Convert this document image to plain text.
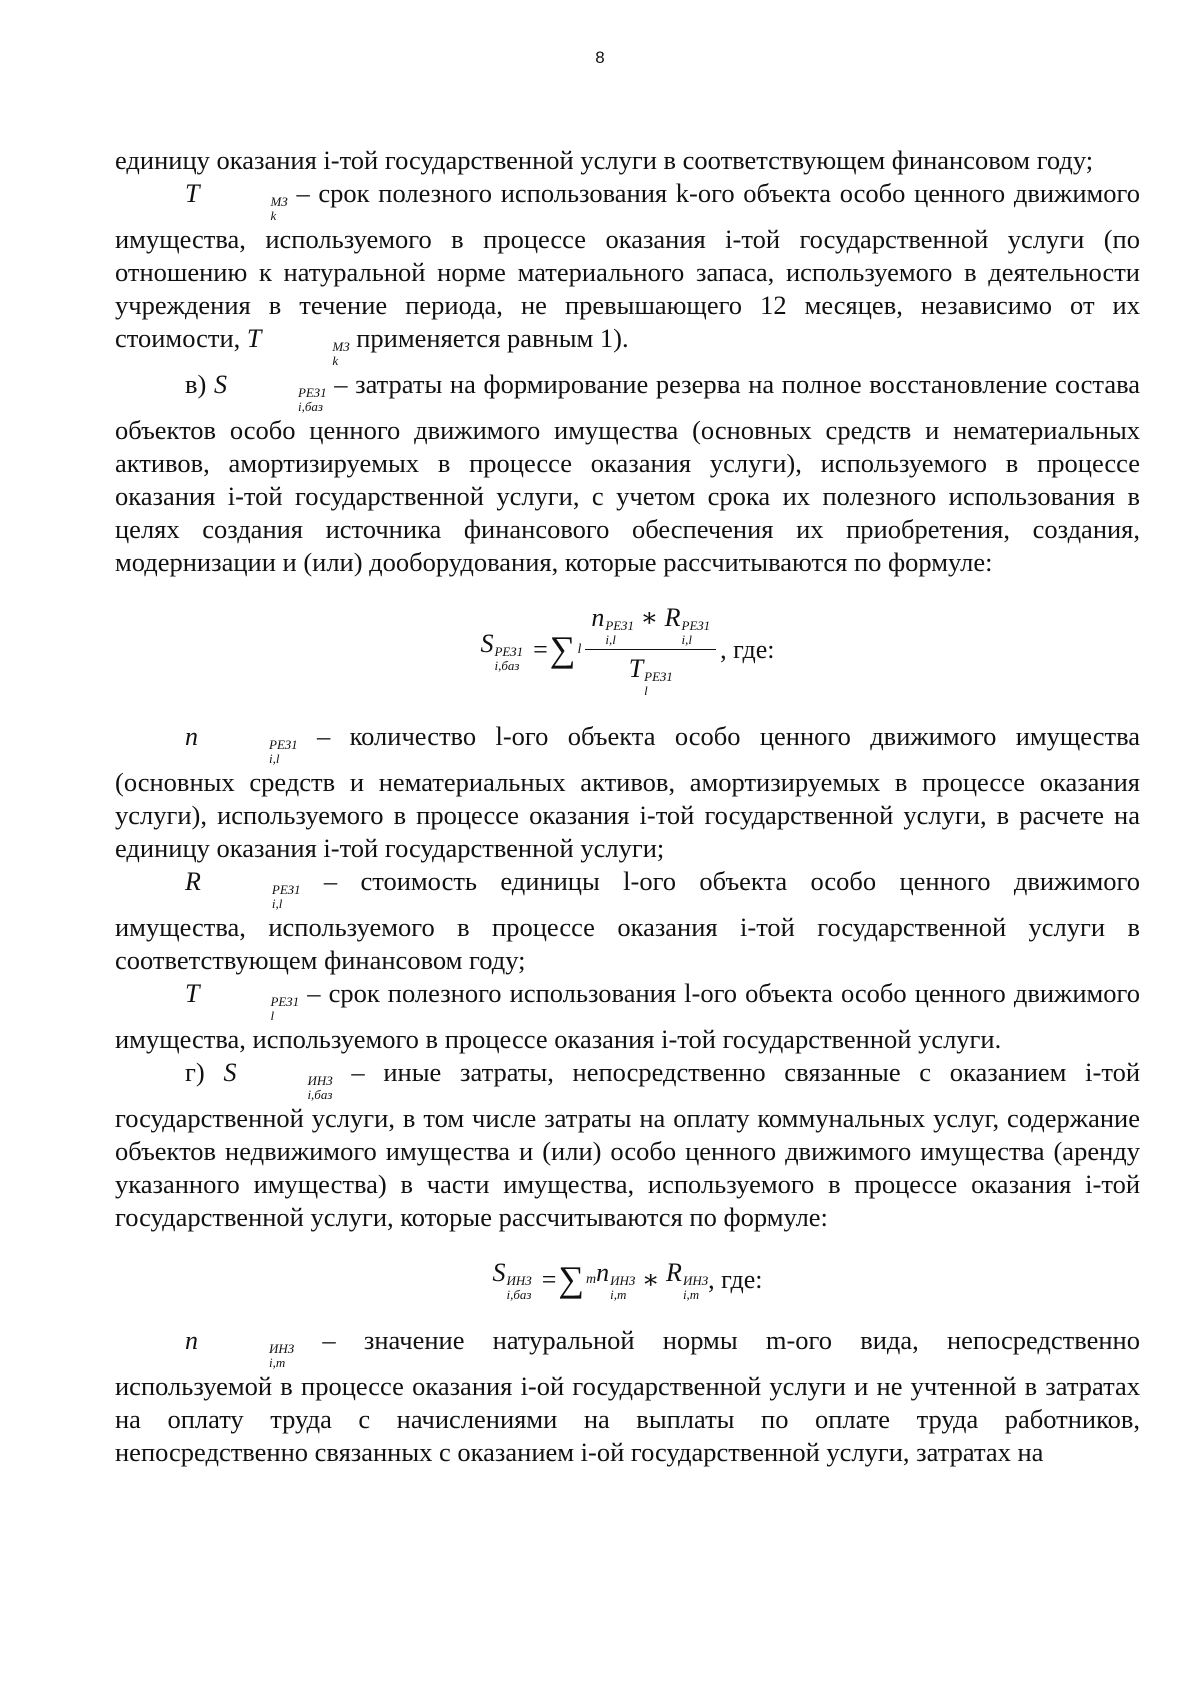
8

единицу оказания i-той государственной услуги в соответствующем финансовом году;

T	МЗ
k
– срок полезного использования k-ого объекта особо ценного движимого имущества, используемого в процессе оказания i-той государственной услуги (по отношению к натуральной норме материального запаса, используемого в деятельности учреждения в течение периода, не превышающего 12 месяцев, независимо от их стоимости, T	МЗ
k
применяется равным 1).

в) S	РЕЗ1
i,баз
– затраты на формирование резерва на полное восстановление состава объектов особо ценного движимого имущества (основных средств и нематериальных активов, амортизируемых в процессе оказания услуги), используемого в процессе оказания i-той государственной услуги, с учетом срока их полезного использования в целях создания источника финансового обеспечения их приобретения, создания, модернизации и (или) дооборудования, которые рассчитываются по формуле:

S РЕЗ1
i,баз
= ∑ l n РЕЗ1
i,l
∗ R РЕЗ1
i,l
T РЕЗ1
l , где:

n	РЕЗ1
i,l
– количество l-ого объекта особо ценного движимого имущества (основных средств и нематериальных активов, амортизируемых в процессе оказания услуги), используемого в процессе оказания i-той государственной услуги, в расчете на единицу оказания i-той государственной услуги;

R	РЕЗ1
i,l
– стоимость единицы l-ого объекта особо ценного движимого имущества, используемого в процессе оказания i-той государственной услуги в соответствующем финансовом году;

T	РЕЗ1
l
– срок полезного использования l-ого объекта особо ценного движимого имущества, используемого в процессе оказания i-той государственной услуги.

г) S	ИНЗ
i,баз
– иные затраты, непосредственно связанные с оказанием i-той государственной услуги, в том числе затраты на оплату коммунальных услуг, содержание объектов недвижимого имущества и (или) особо ценного движимого имущества (аренду указанного имущества) в части имущества, используемого в процессе оказания i-той государственной услуги, которые рассчитываются по формуле:

S ИНЗ
i,баз
= ∑ m n ИНЗ
i,m

∗
R ИНЗ
i,m
, где:

n	ИНЗ
i,m
– значение натуральной нормы m-ого вида, непосредственно используемой в процессе оказания i-ой государственной услуги и не учтенной в затратах на оплату труда с начислениями на выплаты по оплате труда работников, непосредственно связанных с оказанием i-ой государственной услуги, затратах на
